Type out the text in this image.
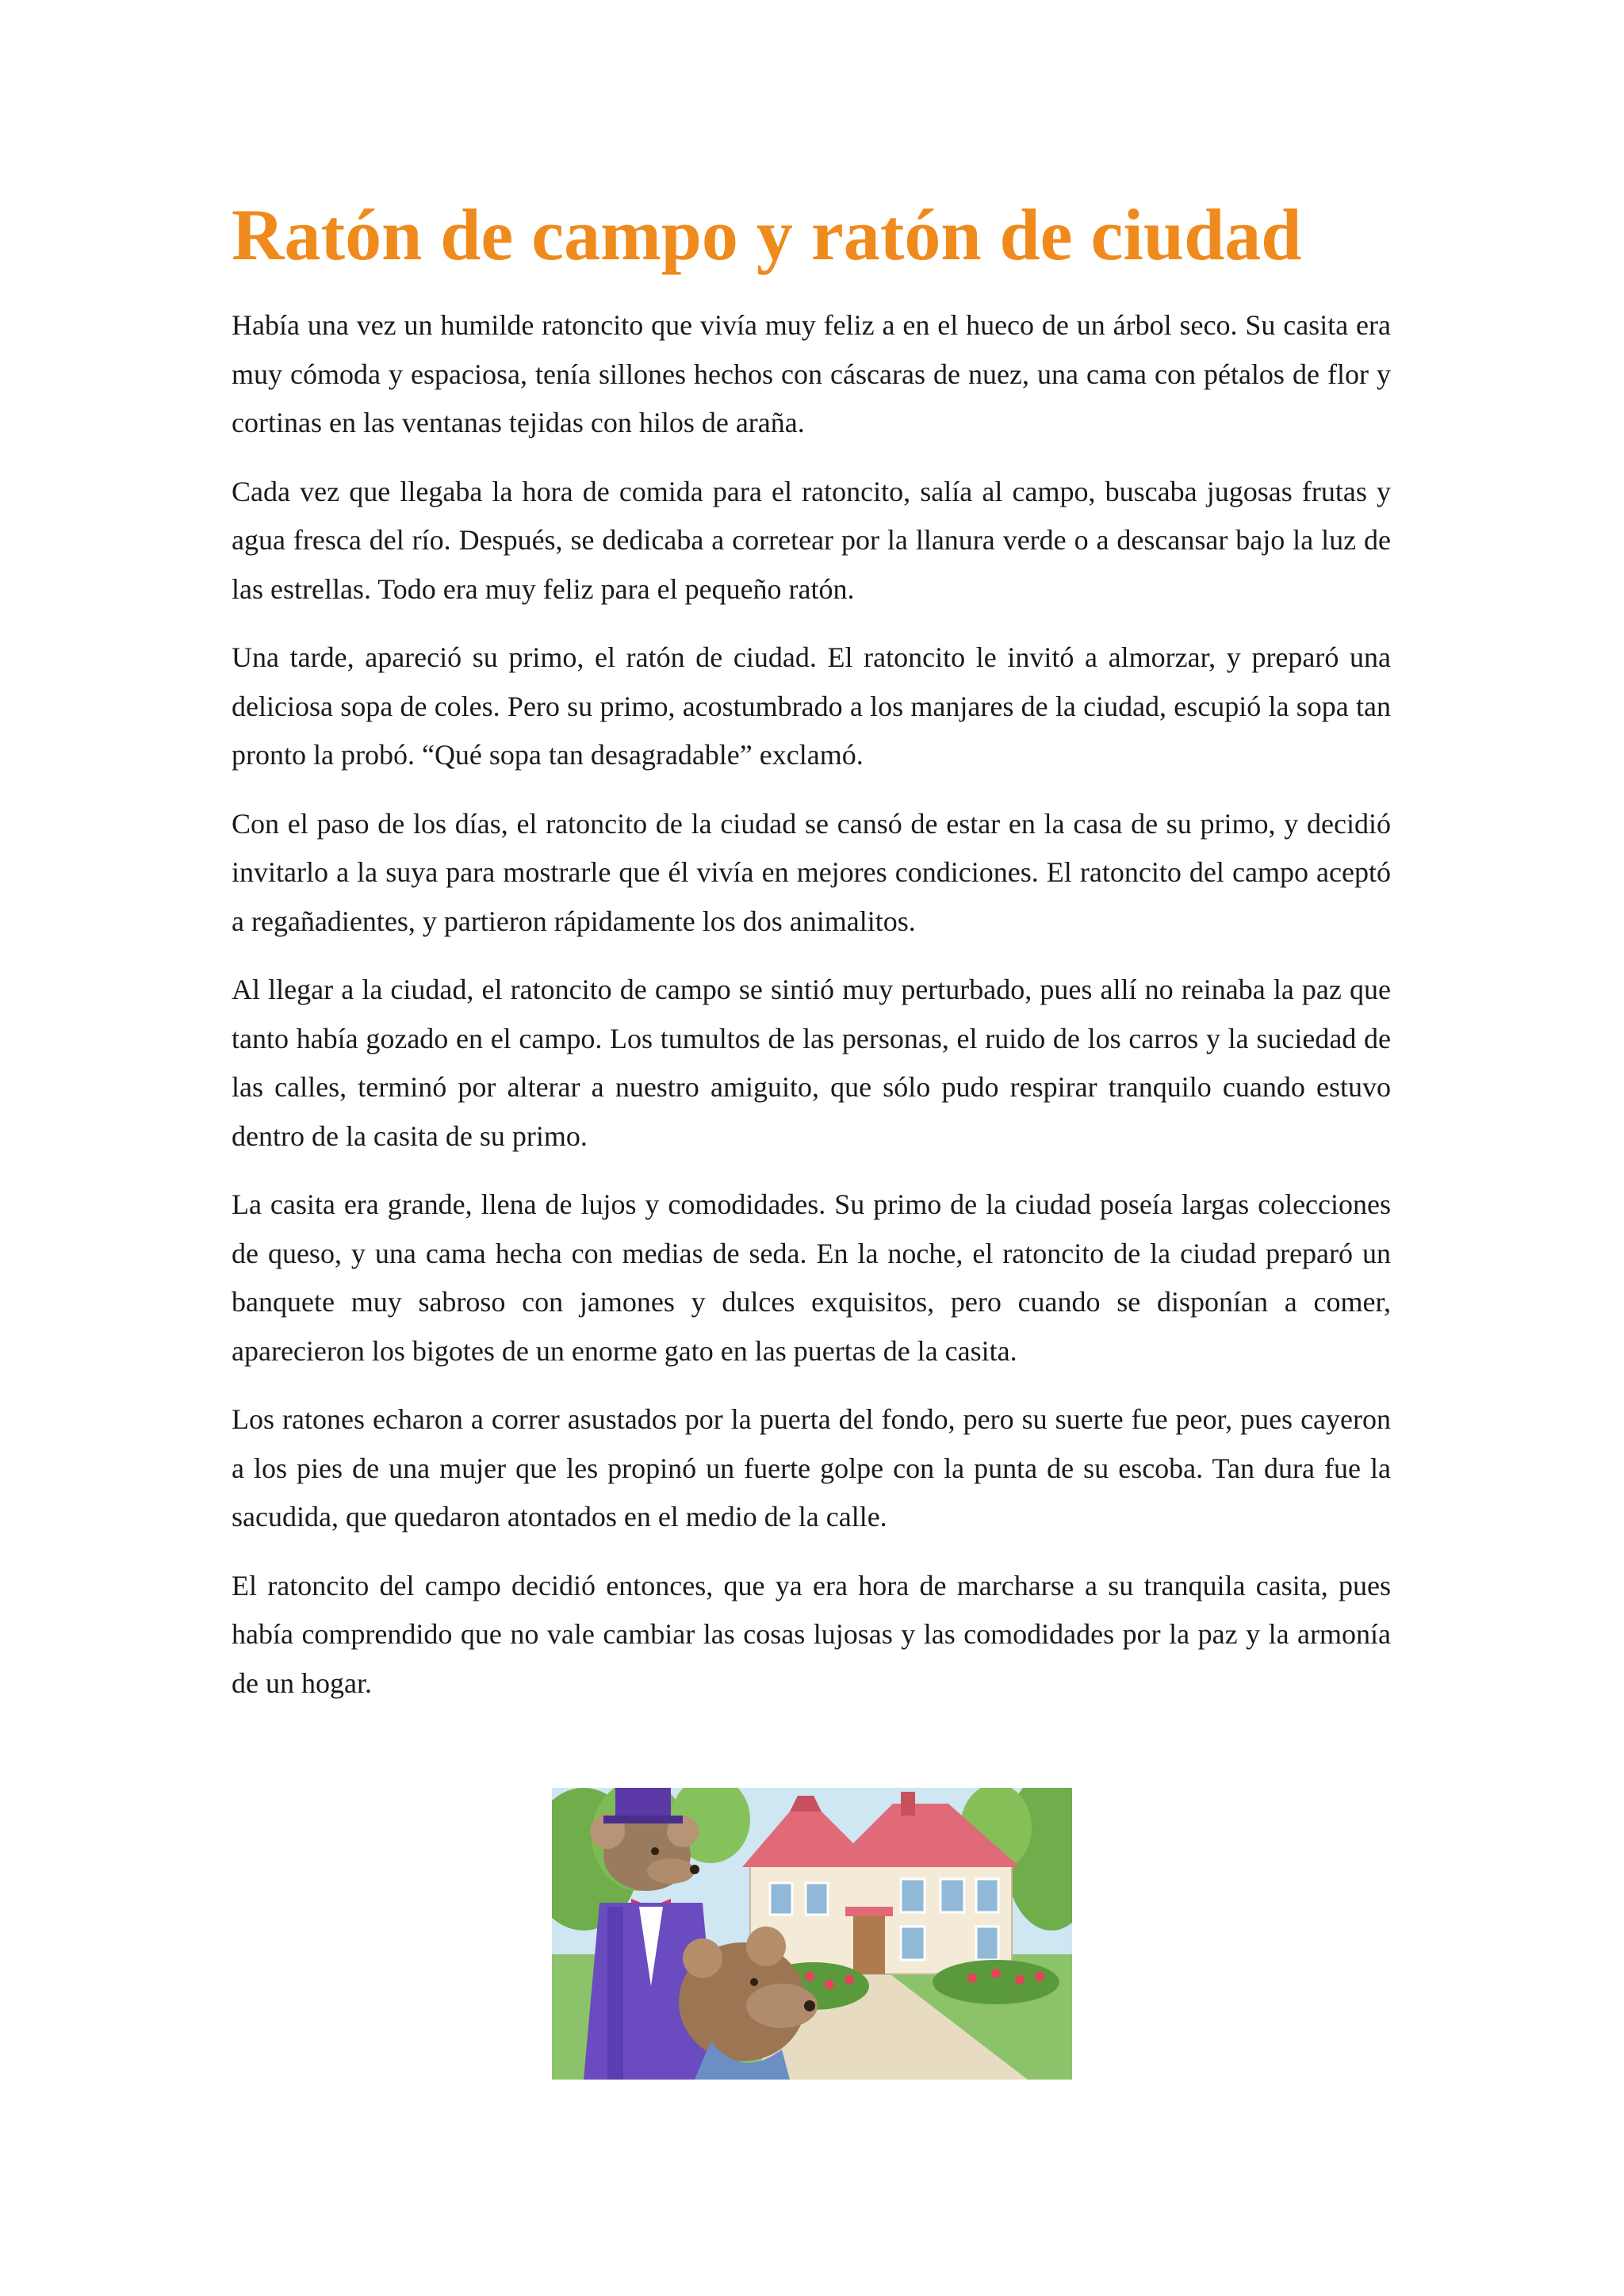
Ratón de campo y ratón de ciudad

Había una vez un humilde ratoncito que vivía muy feliz a en el hueco de un árbol seco. Su casita era muy cómoda y espaciosa, tenía sillones hechos con cáscaras de nuez, una cama con pétalos de flor y cortinas en las ventanas tejidas con hilos de araña.

Cada vez que llegaba la hora de comida para el ratoncito, salía al campo, buscaba jugosas frutas y agua fresca del río. Después, se dedicaba a corretear por la llanura verde o a descansar bajo la luz de las estrellas. Todo era muy feliz para el pequeño ratón.

Una tarde, apareció su primo, el ratón de ciudad. El ratoncito le invitó a almorzar, y preparó una deliciosa sopa de coles. Pero su primo, acostumbrado a los manjares de la ciudad, escupió la sopa tan pronto la probó. “Qué sopa tan desagradable” exclamó.

Con el paso de los días, el ratoncito de la ciudad se cansó de estar en la casa de su primo, y decidió invitarlo a la suya para mostrarle que él vivía en mejores condiciones. El ratoncito del campo aceptó a regañadientes, y partieron rápidamente los dos animalitos.

Al llegar a la ciudad, el ratoncito de campo se sintió muy perturbado, pues allí no reinaba la paz que tanto había gozado en el campo. Los tumultos de las personas, el ruido de los carros y la suciedad de las calles, terminó por alterar a nuestro amiguito, que sólo pudo respirar tranquilo cuando estuvo dentro de la casita de su primo.

La casita era grande, llena de lujos y comodidades. Su primo de la ciudad poseía largas colecciones de queso, y una cama hecha con medias de seda. En la noche, el ratoncito de la ciudad preparó un banquete muy sabroso con jamones y dulces exquisitos, pero cuando se disponían a comer, aparecieron los bigotes de un enorme gato en las puertas de la casita.

Los ratones echaron a correr asustados por la puerta del fondo, pero su suerte fue peor, pues cayeron a los pies de una mujer que les propinó un fuerte golpe con la punta de su escoba. Tan dura fue la sacudida, que quedaron atontados en el medio de la calle.

El ratoncito del campo decidió entonces, que ya era hora de marcharse a su tranquila casita, pues había comprendido que no vale cambiar las cosas lujosas y las comodidades por la paz y la armonía de un hogar.
